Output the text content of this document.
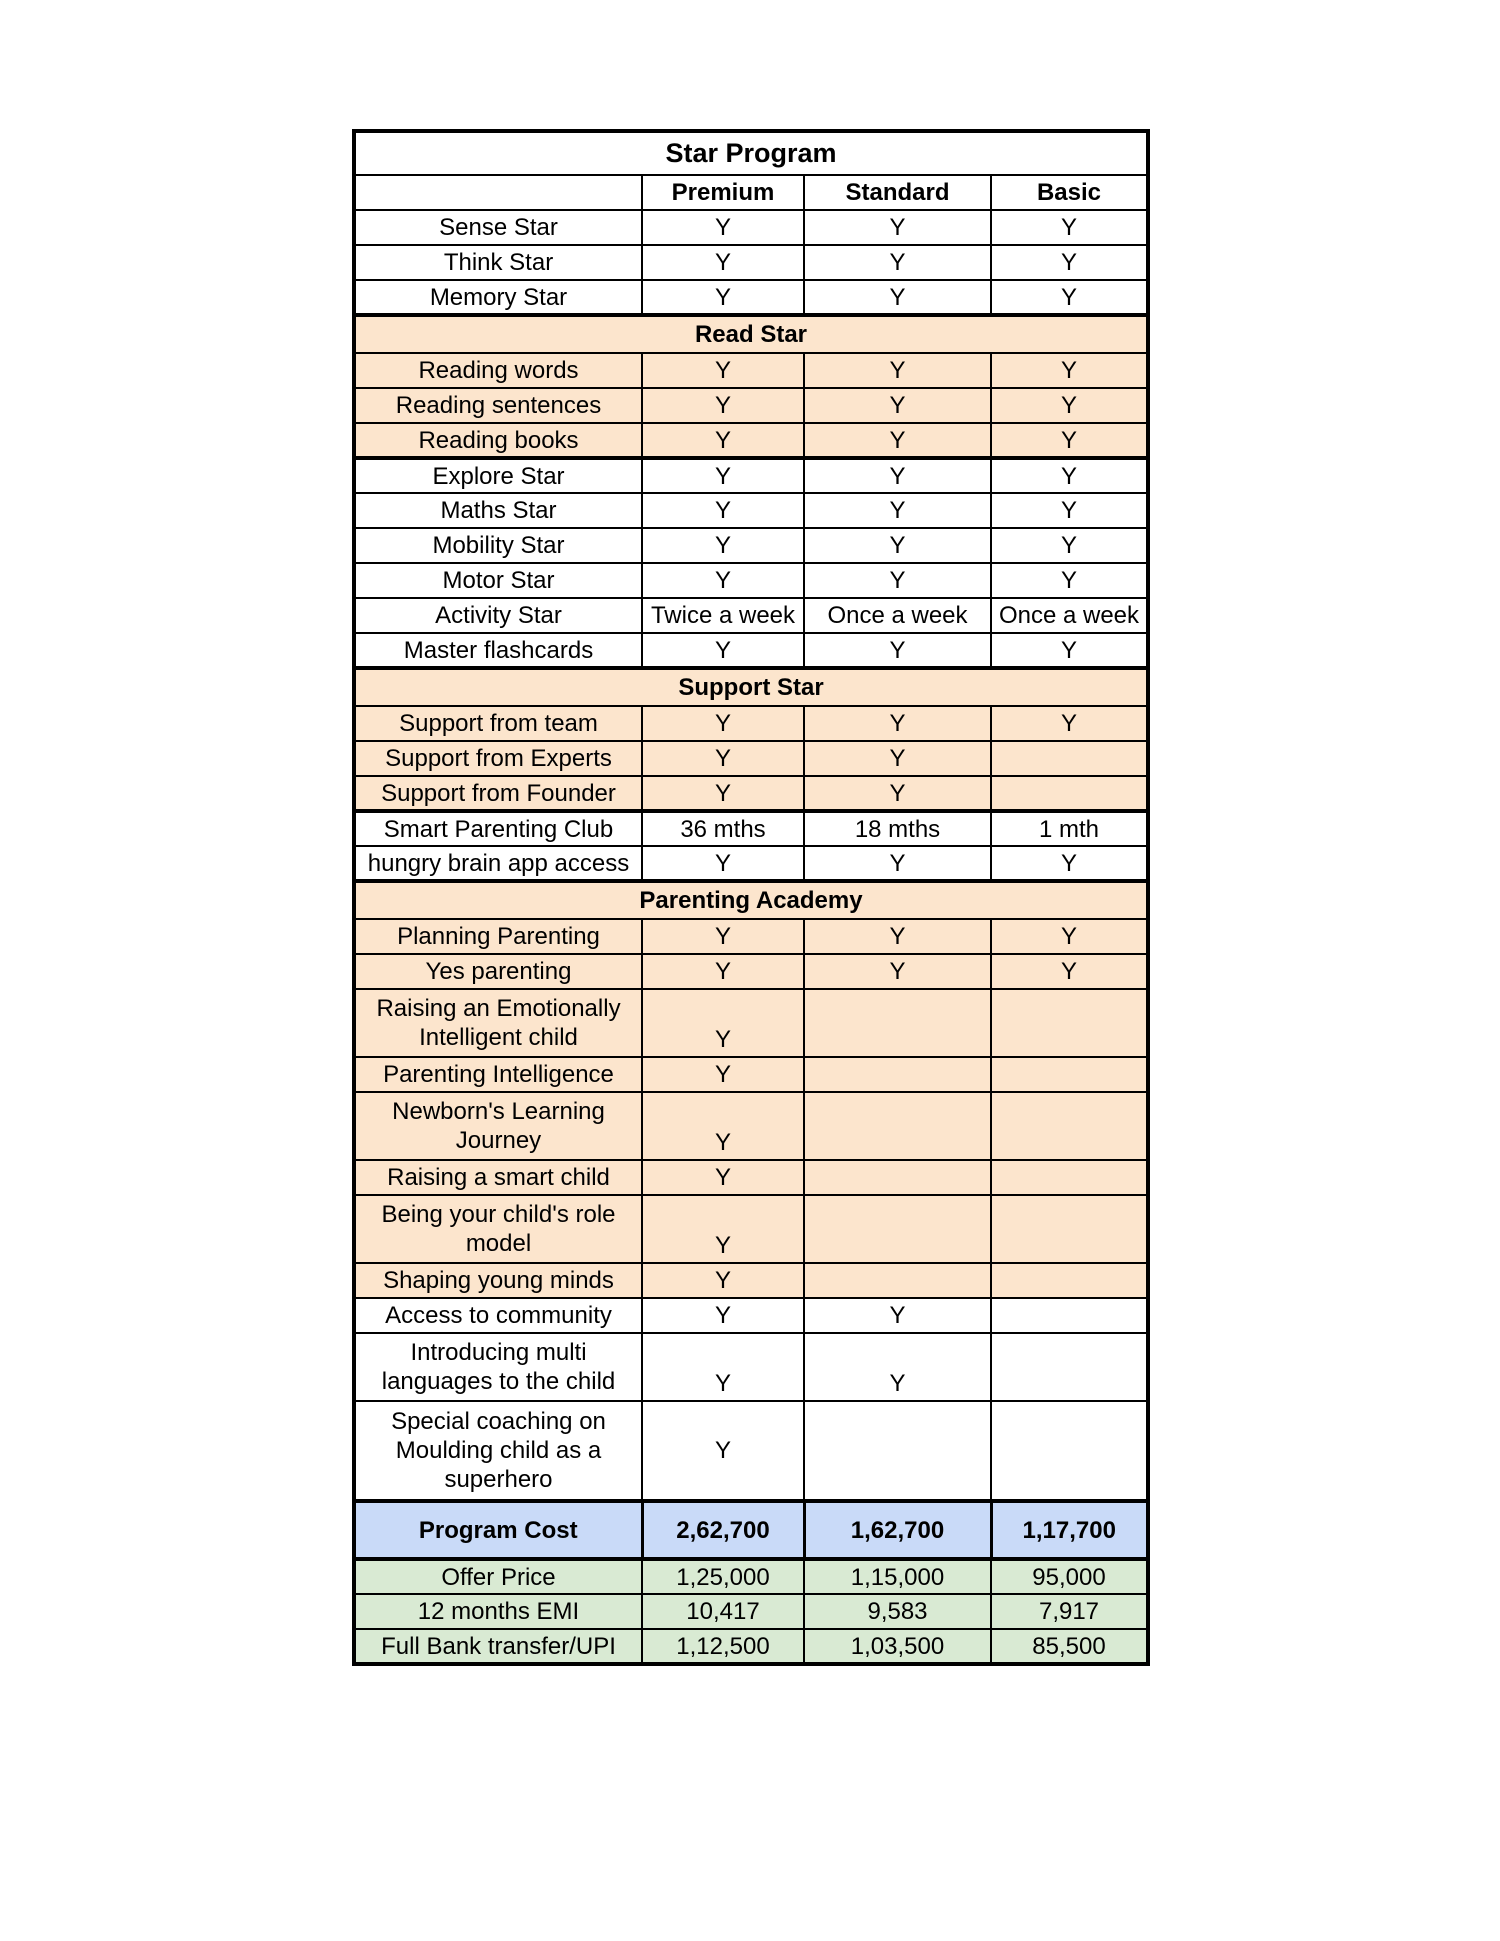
Star Program			
	Premium	Standard	Basic
Sense Star	Y	Y	Y
Think Star	Y	Y	Y
Memory Star	Y	Y	Y
Read Star			
Reading words	Y	Y	Y
Reading sentences	Y	Y	Y
Reading books	Y	Y	Y
Explore Star	Y	Y	Y
Maths Star	Y	Y	Y
Mobility Star	Y	Y	Y
Motor Star	Y	Y	Y
Activity Star	Twice a week	Once a week	Once a week
Master flashcards	Y	Y	Y
Support Star			
Support from team	Y	Y	Y
Support from Experts	Y	Y	
Support from Founder	Y	Y	
Smart Parenting Club	36 mths	18 mths	1 mth
hungry brain app access	Y	Y	Y
Parenting Academy			
Planning Parenting	Y	Y	Y
Yes parenting	Y	Y	Y
Raising an Emotionally Intelligent child	Y		
Parenting Intelligence	Y		
Newborn's Learning Journey	Y		
Raising a smart child	Y		
Being your child's role model	Y		
Shaping young minds	Y		
Access to community	Y	Y	
Introducing multi languages to the child	Y	Y	
Special coaching on Moulding child as a superhero	Y		
Program Cost	2,62,700	1,62,700	1,17,700
Offer Price	1,25,000	1,15,000	95,000
12 months EMI	10,417	9,583	7,917
Full Bank transfer/UPI	1,12,500	1,03,500	85,500
